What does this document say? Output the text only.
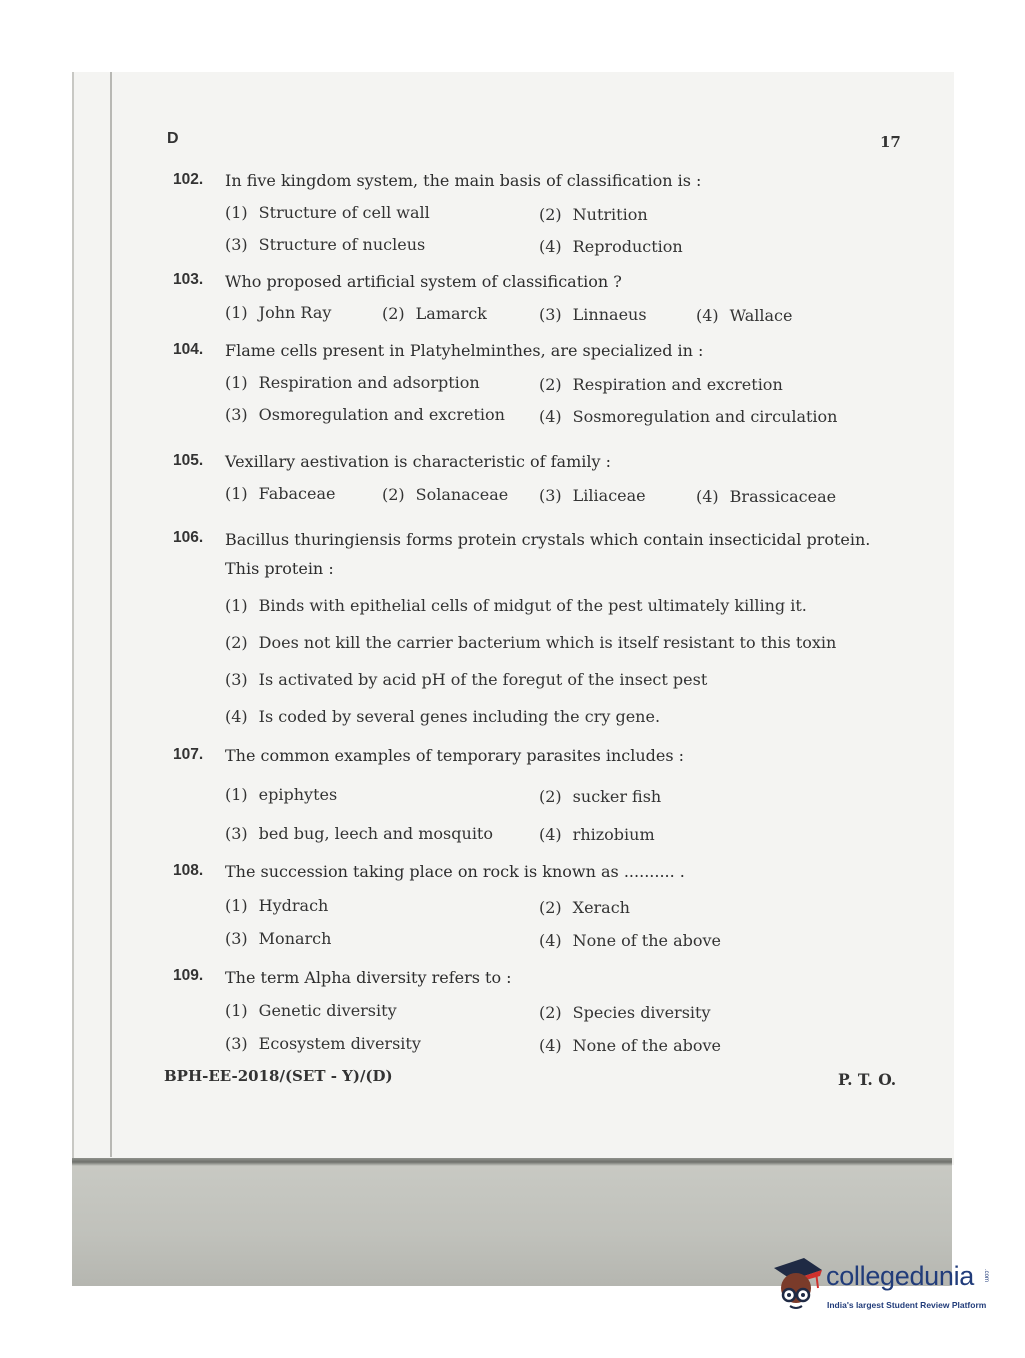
D	17
102. In five kingdom system, the main basis of classification is :
(1) Structure of cell wall	(2) Nutrition
(3) Structure of nucleus	(4) Reproduction
103. Who proposed artificial system of classification ?
(1) John Ray	(2) Lamarck	(3) Linnaeus	(4) Wallace
104. Flame cells present in Platyhelminthes, are specialized in :
(1) Respiration and adsorption	(2) Respiration and excretion
(3) Osmoregulation and excretion (4) Sosmoregulation and circulation
105. Vexillary aestivation is characteristic of family :
(1) Fabaceae	(2) Solanaceae (3) Liliaceae	(4) Brassicaceae
106. Bacillus thuringiensis forms protein crystals which contain insecticidal protein. This protein :
(1) Binds with epithelial cells of midgut of the pest ultimately killing it.
(2) Does not kill the carrier bacterium which is itself resistant to this toxin
(3) Is activated by acid pH of the foregut of the insect pest
(4) Is coded by several genes including the cry gene.
107. The common examples of temporary parasites includes :
(1) epiphytes	(2) sucker fish
(3) bed bug, leech and mosquito	(4) rhizobium
108. The succession taking place on rock is known as .......... .
(1) Hydrach	(2) Xerach
(3) Monarch	(4) None of the above
109. The term Alpha diversity refers to :
(1) Genetic diversity	(2) Species diversity
(3) Ecosystem diversity	(4) None of the above
BPH-EE-2018/(SET - Y)/(D)	P. T. O.
collegedunia .com
India's largest Student Review Platform
